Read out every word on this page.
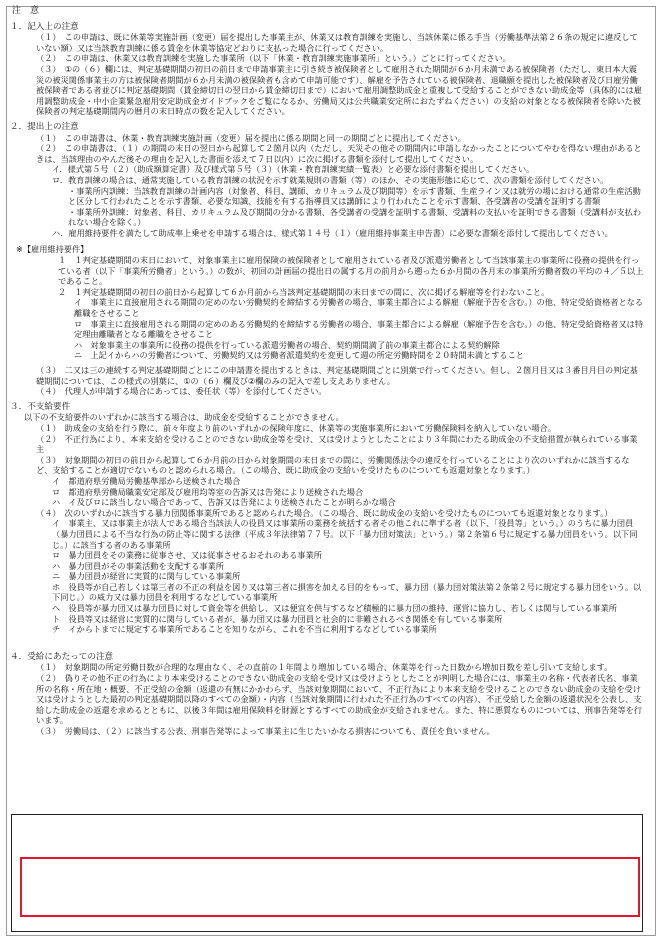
注　意
１．記入上の注意
（１）　この申請は、既に休業等実施計画（変更）届を提出した事業主が、休業又は教育訓練を実施し、当該休業に係る手当（労働基準法第２６条の規定に違反していない額）又は当該教育訓練に係る賃金を休業等協定どおりに支払った場合に行ってください。
（２）　この申請は、休業又は教育訓練を実施した事業所（以下「休業・教育訓練実施事業所」という。）ごとに行ってください。
（３）　①の（６）欄には、判定基礎期間の初日の前日まで申請事業主に引き続き被保険者として雇用された期間が６か月未満である被保険者（ただし、東日本大震災の被災関係事業主の方は被保険者期間が６か月未満の被保険者も含めて申請可能です）、解雇を予告されている被保険者、退職願を提出した被保険者及び日雇労働被保険者である者並びに判定基礎期間（賃金締切日の翌日から賃金締切日まで）において雇用調整助成金と重複して受給することができない助成金等（具体的には雇用調整助成金・中小企業緊急雇用安定助成金ガイドブックをご覧になるか、労働局又は公共職業安定所におたずねください）の支給の対象となる被保険者を除いた被保険者の判定基礎期間内の暦月の末日時点の数を記入してください。
２．提出上の注意
（１）　この申請書は、休業・教育訓練実施計画（変更）届を提出に係る期間と同一の期間ごとに提出してください。
（２）　この申請書は、（１）の期間の末日の翌日から起算して２箇月以内（ただし、天災その他その期間内に申請しなかったことについてやむを得ない理由があるときは、当該理由のやんだ後その理由を記入した書面を添えて７日以内）に次に掲げる書類を添付して提出してください。
イ．様式第５号（２）（助成額算定書）及び様式第５号（３）（休業・教育訓練実績一覧表）と必要な添付書類を提出してください。
ロ．教育訓練の場合は、通常実施している教育訓練の状況を示す就業規則の書類（等）のほか、その実施形態に応じて、次の書類を添付してください。
・事業所内訓練：当該教育訓練の計画内容（対象者、科目、講師、カリキュラム及び期間等）を示す書類、生産ライン又は就労の場における通常の生産活動と区分して行われたことを示す書類、必要な知識、技能を有する指導員又は講師により行われたことを示す書類、各受講者の受講を証明する書類
・事業所外訓練：対象者、科目、カリキュラム及び期間の分かる書類、各受講者の受講を証明する書類、受講料の支払いを証明できる書類（受講料が支払われない場合を除く。）
ハ．雇用維持要件を満たして助成率上乗せを申請する場合は、様式第１４号（１）（雇用維持事業主申告書）に必要な書類を添付して提出してください。
※【雇用維持要件】
１　１判定基礎期間の末日において、対象事業主に雇用保険の被保険者として雇用されている者及び派遣労働者として当該事業主の事業所に役務の提供を行っている者（以下「事業所労働者」という。）の数が、初回の計画届の提出日の属する月の前月から遡った６か月間の各月末の事業所労働者数の平均の４／５以上であること。
２　１判定基礎期間の初日の前日から起算して６か月前から当該判定基礎期間の末日までの間に、次に掲げる解雇等を行わないこと。
イ　事業主に直接雇用される期間の定めのない労働契約を締結する労働者の場合、事業主都合による解雇（解雇予告を含む。）の他、特定受給資格者となる離職をさせること
ロ　事業主に直接雇用される期間の定めのある労働契約を締結する労働者の場合、事業主都合による解雇（解雇予告を含む。）の他、特定受給資格者又は特定理由離職者となる離職をさせること
ハ　対象事業主の事業所に役務の提供を行っている派遣労働者の場合、契約期間満了前の事業主都合による契約解除
ニ　上記イからハの労働者について、労働契約又は労働者派遣契約を変更して週の所定労働時間を２０時間未満とすること
（３）　二又は三の連続する判定基礎期間ごとにこの申請書を提出するときは、判定基礎期間ごとに別葉で行ってください。但し、２箇月目又は３番目月目の判定基礎期間については、この様式の別葉に、①の（６）欄及び②欄のみの記入で差し支えありません。
（４）　代理人が申請する場合にあっては、委任状（等）を添付してください。
３．不支給要件
以下の不支給要件のいずれかに該当する場合は、助成金を受給することができません。
（１）　助成金の支給を行う際に、前々年度より前のいずれかの保険年度に、休業等の実施事業所において労働保険料を納入していない場合。
（２）　不正行為により、本来支給を受けることのできない助成金等を受け、又は受けようとしたことにより３年間にわたる助成金の不支給措置が執られている事業主
（３）　対象期間の初日の前日から起算して６か月前の日から対象期間の末日までの間に、労働関係法令の違反を行っていることにより次のいずれかに該当するなど、支給することが適切でないものと認められる場合。（この場合、既に助成金の支給いを受けたものについても返還対象となります。）
イ　都道府県労働局労働基準部から送検された場合
ロ　都道府県労働局職業安定部及び雇用均等室の告訴又は告発により送検された場合
ハ　イ及びロに該当しない場合であって、告訴又は告発により送検されたことが明らかな場合
（４）　次のいずれかに該当する暴力団関係事業所であると認められた場合。（この場合、既に助成金の支給いを受けたものについても返還対象となります。）
イ　事業主、又は事業主が法人である場合当該法人の役員又は事業所の業務を統括する者その他これに準ずる者（以下、「役員等」という。）のうちに暴力団員（暴力団員による不当な行為の防止等に関する法律（平成３年法律第７７号。以下「暴力団対策法」という。）第２条第６号に規定する暴力団員をいう。以下同じ。）に該当する者のある事業所
ロ　暴力団員をその業務に従事させ、又は従事させるおそれのある事業所
ハ　暴力団員がその事業活動を支配する事業所
ニ　暴力団員が経営に実質的に関与している事業所
ホ　役員等が自己若しくは第三者の不正の利益を図り又は第三者に損害を加える目的をもって、暴力団（暴力団対策法第２条第２号に規定する暴力団をいう。以下同じ。）の威力又は暴力団員を利用するなどしている事業所
ヘ　役員等が暴力団又は暴力団員に対して資金等を供給し、又は便宜を供与するなど積極的に暴力団の維持、運営に協力し、若しくは関与している事業所
ト　役員等又は経営に実質的に関与している者が、暴力団又は暴力団員と社会的に非難されるべき関係を有している事業所
チ　イからトまでに規定する事業所であることを知りながら、これを不当に利用するなどしている事業所
４．受給にあたっての注意
（１）　対象期間の所定労働日数が合理的な理由なく、その直前の１年間より増加している場合、休業等を行った日数から増加日数を差し引いて支給します。
（２）　偽りその他不正の行為により本来受けることのできない助成金の支給を受け又は受けようとしたことが判明した場合には、事業主の名称・代表者氏名、事業所の名称・所在地・概要、不正受給の金額（返還の有無にかかわらず、当該対象期間において、不正行為により本来支給を受けることのできない助成金の支給を受け又は受けようとした最初の判定基礎期間以降のすべての金額）・内容（当該対象期間に行われた不正行為のすべての内容）、不正受給した金額の返還状況を公表し、支給した助成金の返還を求めるとともに、以後３年間は雇用保険料を財源とするすべての助成金が支給されません。また、特に悪質なものについては、刑事告発等を行います。
（３）　労働局は、（２）に該当する公表、刑事告発等によって事業主に生じたいかなる損害についても、責任を負いません。
